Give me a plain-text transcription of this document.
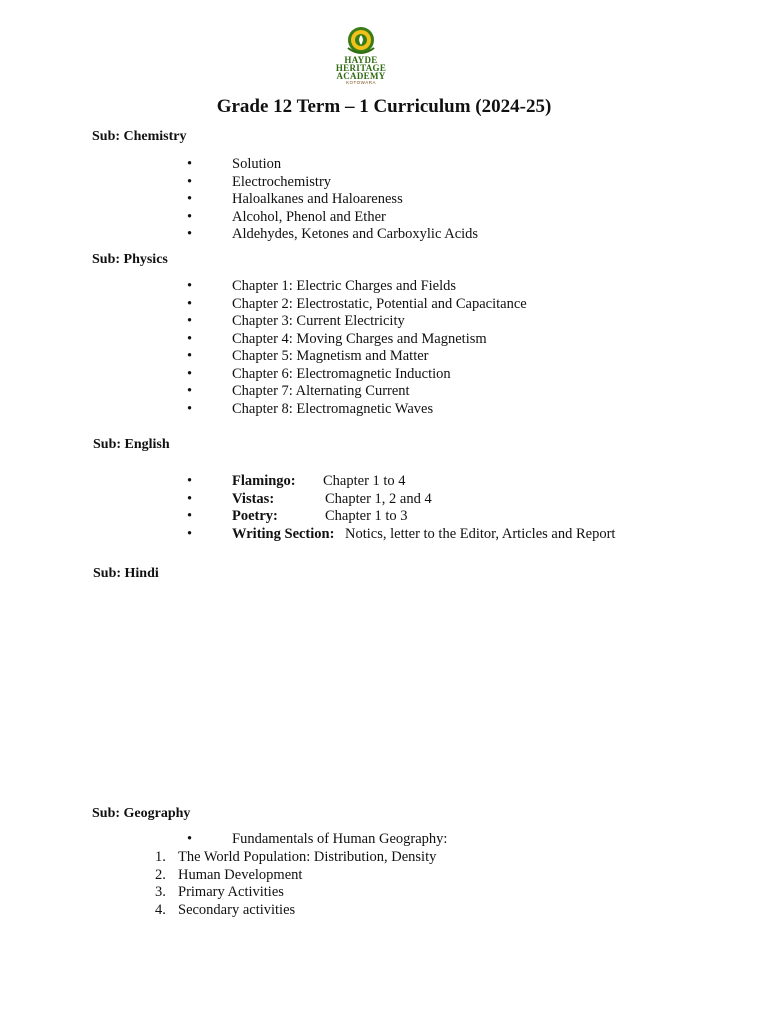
HAYDE
HERITAGE
ACADEMY
KOTOWARA
Grade 12 Term – 1 Curriculum (2024-25)
Sub: Chemistry
•	Solution
•	Electrochemistry
•	Haloalkanes and Haloareness
•	Alcohol, Phenol and Ether
•	Aldehydes, Ketones and Carboxylic Acids
Sub: Physics
•	Chapter 1: Electric Charges and Fields
•	Chapter 2: Electrostatic, Potential and Capacitance
•	Chapter 3: Current Electricity
•	Chapter 4: Moving Charges and Magnetism
•	Chapter 5: Magnetism and Matter
•	Chapter 6: Electromagnetic Induction
•	Chapter 7: Alternating Current
•	Chapter 8: Electromagnetic Waves
Sub: English
•	Flamingo: Chapter 1 to 4
•	Vistas:	Chapter 1, 2 and 4
•	Poetry:	Chapter 1 to 3
•	Writing Section: Notics, letter to the Editor, Articles and Report
Sub: Hindi
Sub: Geography
•	Fundamentals of Human Geography:
1. The World Population: Distribution, Density
2. Human Development
3. Primary Activities
4. Secondary activities
